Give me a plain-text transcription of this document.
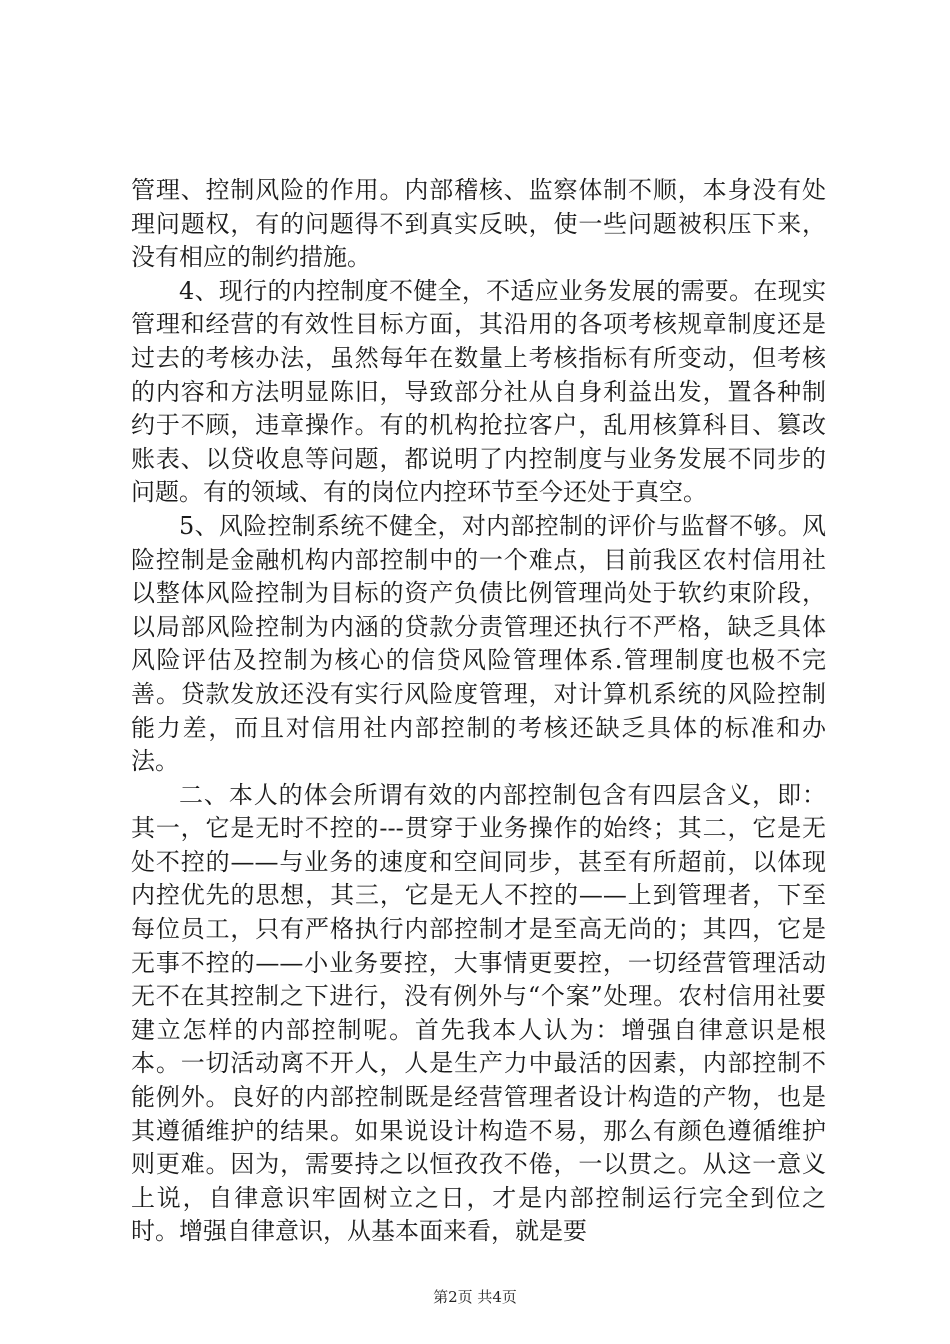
管理、控制风险的作用。内部稽核、监察体制不顺，本身没有处理问题权，有的问题得不到真实反映，使一些问题被积压下来，没有相应的制约措施。

4、现行的内控制度不健全，不适应业务发展的需要。在现实管理和经营的有效性目标方面，其沿用的各项考核规章制度还是过去的考核办法，虽然每年在数量上考核指标有所变动，但考核的内容和方法明显陈旧，导致部分社从自身利益出发，置各种制约于不顾，违章操作。有的机构抢拉客户，乱用核算科目、篡改账表、以贷收息等问题，都说明了内控制度与业务发展不同步的问题。有的领域、有的岗位内控环节至今还处于真空。

5、风险控制系统不健全，对内部控制的评价与监督不够。风险控制是金融机构内部控制中的一个难点，目前我区农村信用社以整体风险控制为目标的资产负债比例管理尚处于软约束阶段，以局部风险控制为内涵的贷款分责管理还执行不严格，缺乏具体风险评估及控制为核心的信贷风险管理体系.管理制度也极不完善。贷款发放还没有实行风险度管理，对计算机系统的风险控制能力差，而且对信用社内部控制的考核还缺乏具体的标准和办法。

二、本人的体会所谓有效的内部控制包含有四层含义，即：其一，它是无时不控的---贯穿于业务操作的始终；其二，它是无处不控的——与业务的速度和空间同步，甚至有所超前，以体现内控优先的思想，其三，它是无人不控的——上到管理者，下至每位员工，只有严格执行内部控制才是至高无尚的；其四，它是无事不控的——小业务要控，大事情更要控，一切经营管理活动无不在其控制之下进行，没有例外与“个案”处理。农村信用社要建立怎样的内部控制呢。首先我本人认为：增强自律意识是根本。一切活动离不开人，人是生产力中最活的因素，内部控制不能例外。良好的内部控制既是经营管理者设计构造的产物，也是其遵循维护的结果。如果说设计构造不易，那么有颜色遵循维护则更难。因为，需要持之以恒孜孜不倦，一以贯之。从这一意义上说，自律意识牢固树立之日，才是内部控制运行完全到位之时。增强自律意识，从基本面来看，就是要

第2页 共4页
